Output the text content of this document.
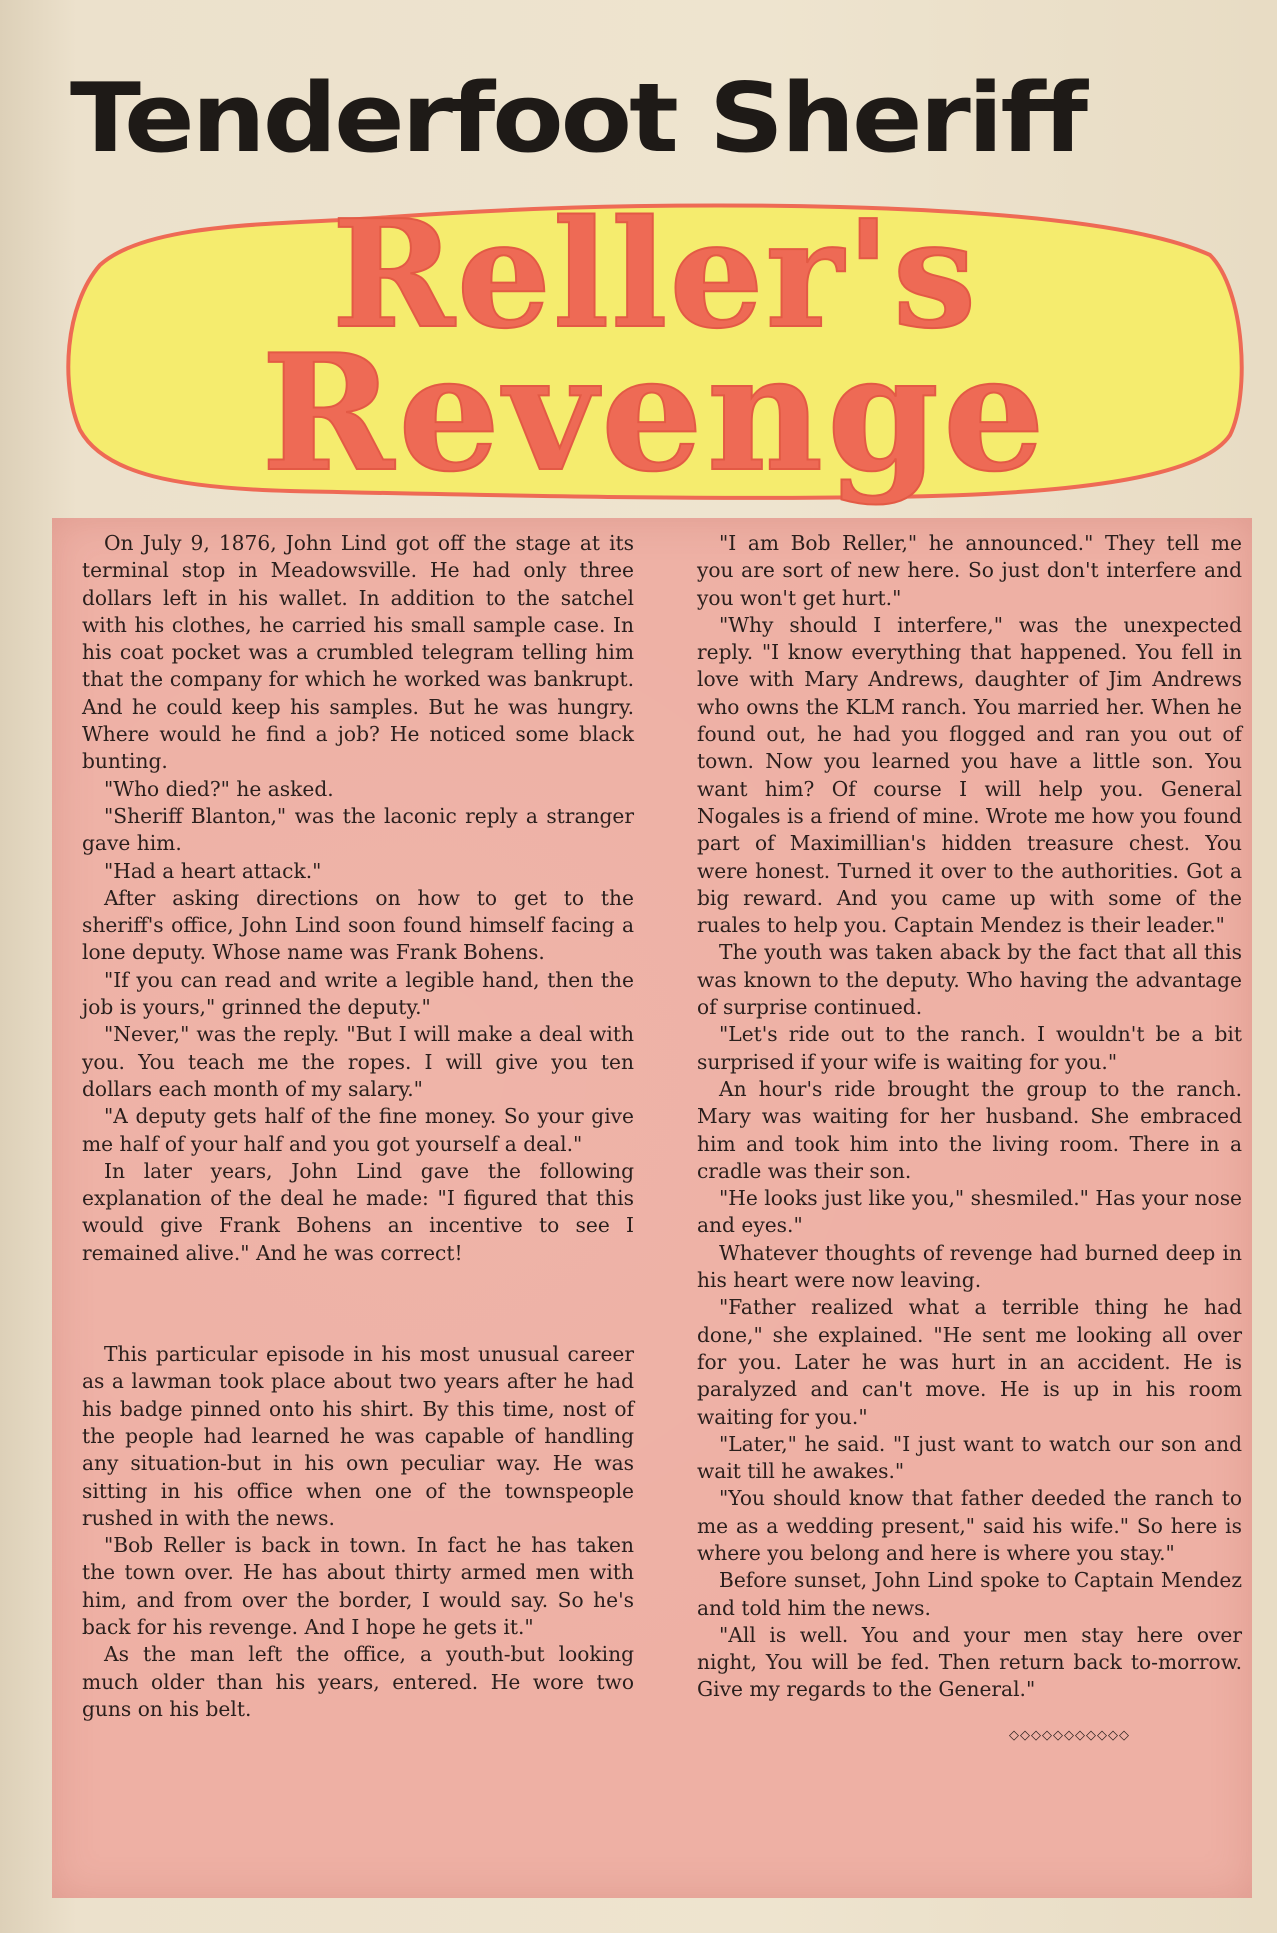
Tenderfoot Sheriff
Reller's
Revenge

On July 9, 1876, John Lind got off the stage at its terminal stop in Meadowsville. He had only three dollars left in his wallet. In addition to the satchel with his clothes, he carried his small sample case. In his coat pocket was a crumbled telegram telling him that the company for which he worked was bankrupt. And he could keep his samples. But he was hungry. Where would he find a job? He noticed some black bunting.

"Who died?" he asked.

"Sheriff Blanton," was the laconic reply a stranger gave him.

"Had a heart attack."

After asking directions on how to get to the sheriff's office, John Lind soon found himself facing a lone deputy. Whose name was Frank Bohens.

"If you can read and write a legible hand, then the job is yours," grinned the deputy."

"Never," was the reply. "But I will make a deal with you. You teach me the ropes. I will give you ten dollars each month of my salary."

"A deputy gets half of the fine money. So your give me half of your half and you got yourself a deal."

In later years, John Lind gave the following explanation of the deal he made: "I figured that this would give Frank Bohens an incentive to see I remained alive." And he was correct!

This particular episode in his most unusual career as a lawman took place about two years after he had his badge pinned onto his shirt. By this time, nost of the people had learned he was capable of handling any situation-but in his own peculiar way. He was sitting in his office when one of the townspeople rushed in with the news.

"Bob Reller is back in town. In fact he has taken the town over. He has about thirty armed men with him, and from over the border, I would say. So he's back for his revenge. And I hope he gets it."

As the man left the office, a youth-but looking much older than his years, entered. He wore two guns on his belt.

"I am Bob Reller," he announced." They tell me you are sort of new here. So just don't interfere and you won't get hurt."

"Why should I interfere," was the unexpected reply. "I know everything that happened. You fell in love with Mary Andrews, daughter of Jim Andrews who owns the KLM ranch. You married her. When he found out, he had you flogged and ran you out of town. Now you learned you have a little son. You want him? Of course I will help you. General Nogales is a friend of mine. Wrote me how you found part of Maximillian's hidden treasure chest. You were honest. Turned it over to the authorities. Got a big reward. And you came up with some of the ruales to help you. Captain Mendez is their leader."

The youth was taken aback by the fact that all this was known to the deputy. Who having the advantage of surprise continued.

"Let's ride out to the ranch. I wouldn't be a bit surprised if your wife is waiting for you."

An hour's ride brought the group to the ranch. Mary was waiting for her husband. She embraced him and took him into the living room. There in a cradle was their son.

"He looks just like you," shesmiled." Has your nose and eyes."

Whatever thoughts of revenge had burned deep in his heart were now leaving.

"Father realized what a terrible thing he had done," she explained. "He sent me looking all over for you. Later he was hurt in an accident. He is paralyzed and can't move. He is up in his room waiting for you."

"Later," he said. "I just want to watch our son and wait till he awakes."

"You should know that father deeded the ranch to me as a wedding present," said his wife." So here is where you belong and here is where you stay."

Before sunset, John Lind spoke to Captain Mendez and told him the news.

"All is well. You and your men stay here over night, You will be fed. Then return back to-morrow. Give my regards to the General."

◇◇◇◇◇◇◇◇◇◇◇
